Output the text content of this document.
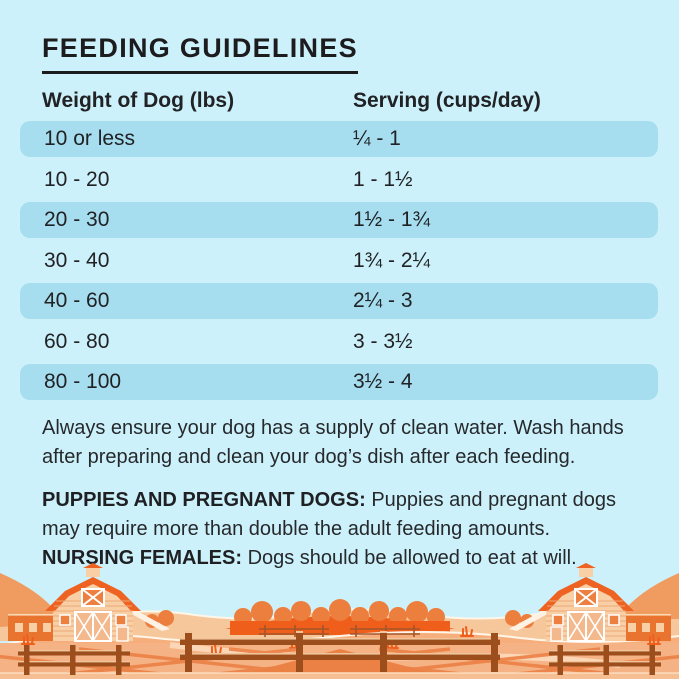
FEEDING GUIDELINES
Weight of Dog (lbs)	Serving (cups/day)
10 or less	¼ - 1
10 - 20	1 - 1½
20 - 30	1½ - 1¾
30 - 40	1¾ - 2¼
40 - 60	2¼ - 3
60 - 80	3 - 3½
80 - 100	3½ - 4
Always ensure your dog has a supply of clean water. Wash hands after preparing and clean your dog’s dish after each feeding.
PUPPIES AND PREGNANT DOGS: Puppies and pregnant dogs may require more than double the adult feeding amounts.
NURSING FEMALES: Dogs should be allowed to eat at will.
